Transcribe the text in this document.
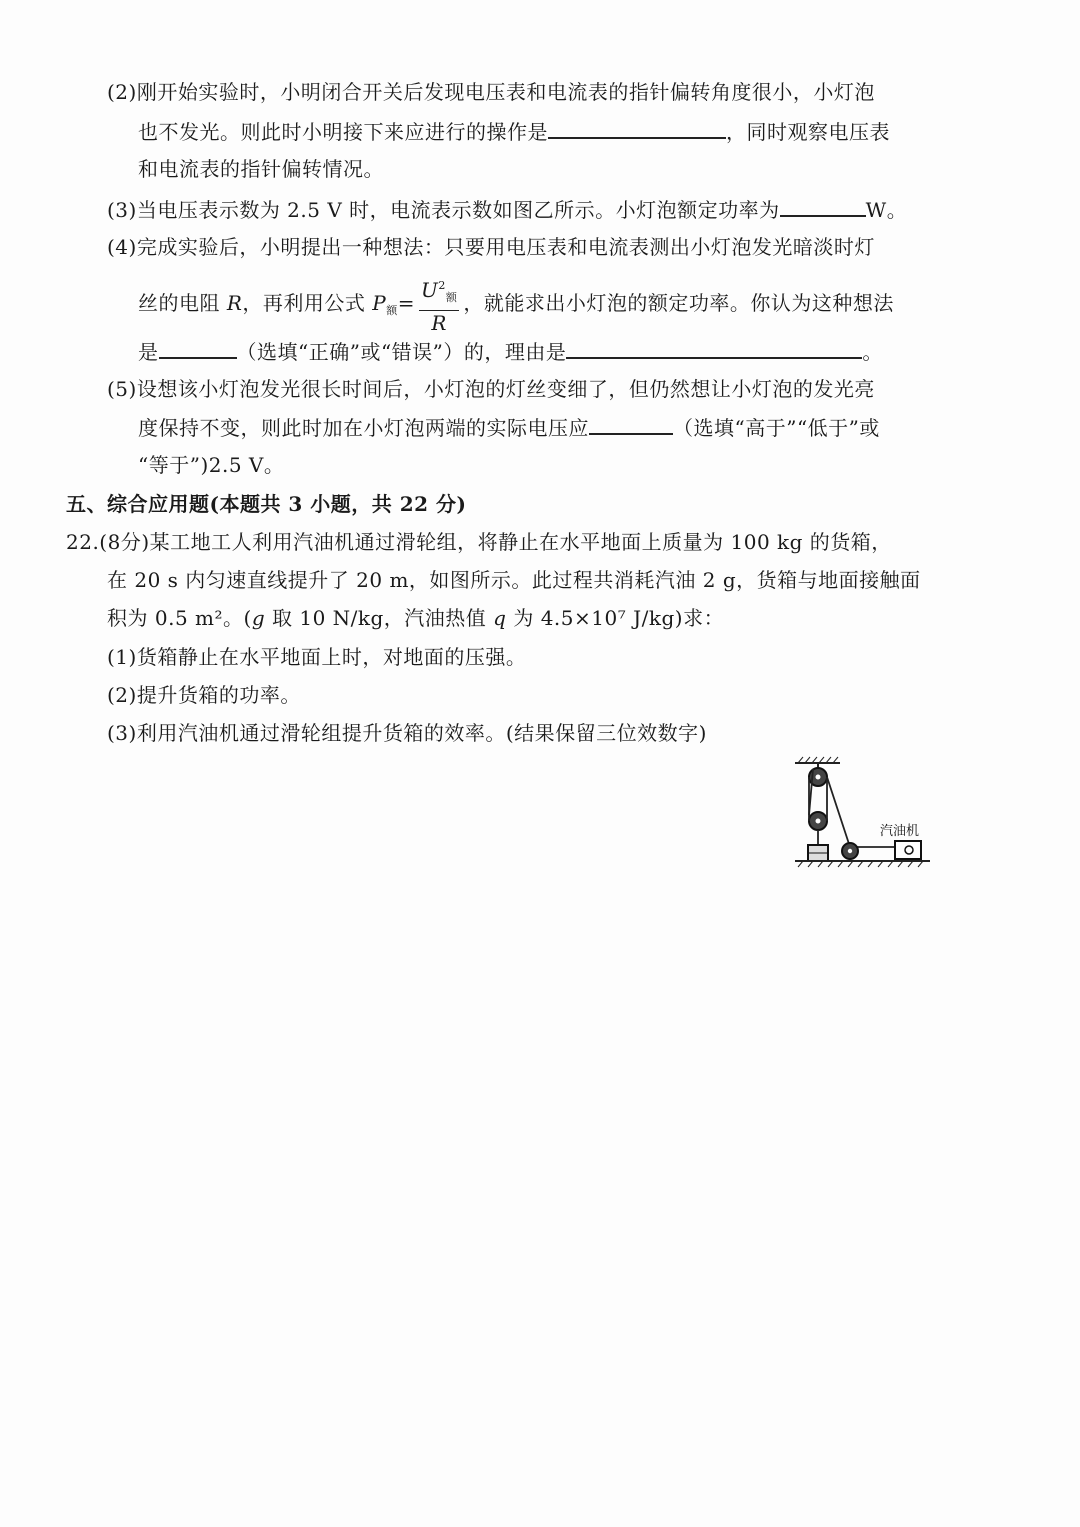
(2)刚开始实验时，小明闭合开关后发现电压表和电流表的指针偏转角度很小，小灯泡
也不发光。则此时小明接下来应进行的操作是	，同时观察电压表
和电流表的指针偏转情况。
(3)当电压表示数为 2.5 V 时，电流表示数如图乙所示。小灯泡额定功率为	W。
(4)完成实验后，小明提出一种想法：只要用电压表和电流表测出小灯泡发光暗淡时灯
丝的电阻 R，再利用公式 $P_额= \frac{U^2_额}{R}$ ，就能求出小灯泡的额定功率。你认为这种想法
是	（选填“正确”或“错误”）的，理由是	。
(5)设想该小灯泡发光很长时间后，小灯泡的灯丝变细了，但仍然想让小灯泡的发光亮
度保持不变，则此时加在小灯泡两端的实际电压应	（选填“高于”“低于”或
“等于”)2.5 V。
五、综合应用题(本题共 3 小题，共 22 分)
22.(8分)某工地工人利用汽油机通过滑轮组，将静止在水平地面上质量为 100 kg 的货箱，
在 20 s 内匀速直线提升了 20 m，如图所示。此过程共消耗汽油 2 g，货箱与地面接触面
积为 0.5 m²。(g 取 10 N/kg，汽油热值 q 为 4.5×10⁷ J/kg)求：
(1)货箱静止在水平地面上时，对地面的压强。
(2)提升货箱的功率。
(3)利用汽油机通过滑轮组提升货箱的效率。(结果保留三位效数字)
汽油机
